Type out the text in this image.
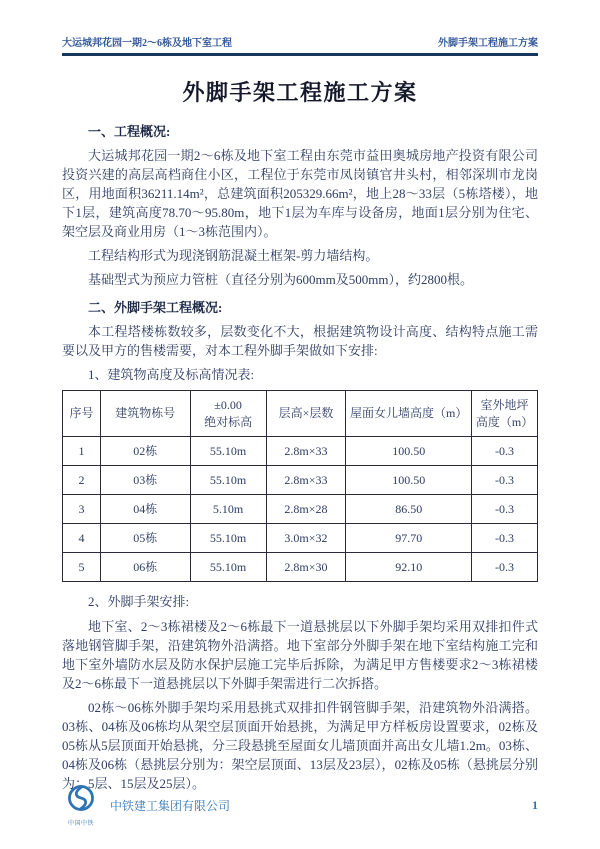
大运城邦花园一期2～6栋及地下室工程	外脚手架工程施工方案
外脚手架工程施工方案
一、工程概况:

大运城邦花园一期2～6栋及地下室工程由东莞市益田奥城房地产投资有限公司投资兴建的高层高档商住小区，工程位于东莞市凤岗镇官井头村，相邻深圳市龙岗区，用地面积36211.14m²，总建筑面积205329.66m²，地上28～33层（5栋塔楼），地下1层，建筑高度78.70～95.80m，地下1层为车库与设备房，地面1层分别为住宅、架空层及商业用房（1～3栋范围内）。

工程结构形式为现浇钢筋混凝土框架-剪力墙结构。

基础型式为预应力管桩（直径分别为600mm及500mm），约2800根。

二、外脚手架工程概况:

本工程塔楼栋数较多，层数变化不大，根据建筑物设计高度、结构特点施工需要以及甲方的售楼需要，对本工程外脚手架做如下安排:

1、建筑物高度及标高情况表:

序号	建筑物栋号	±0.00
绝对标高	层高×层数	屋面女儿墙高度（m）	室外地坪
高度（m）
1	02栋	55.10m	2.8m×33	100.50	-0.3
2	03栋	55.10m	2.8m×33	100.50	-0.3
3	04栋	5.10m	2.8m×28	86.50	-0.3
4	05栋	55.10m	3.0m×32	97.70	-0.3
5	06栋	55.10m	2.8m×30	92.10	-0.3

2、外脚手架安排:

地下室、2～3栋裙楼及2～6栋最下一道悬挑层以下外脚手架均采用双排扣件式落地钢管脚手架，沿建筑物外沿满搭。地下室部分外脚手架在地下室结构施工完和地下室外墙防水层及防水保护层施工完毕后拆除，为满足甲方售楼要求2～3栋裙楼及2～6栋最下一道悬挑层以下外脚手架需进行二次拆搭。

02栋～06栋外脚手架均采用悬挑式双排扣件钢管脚手架，沿建筑物外沿满搭。03栋、04栋及06栋均从架空层顶面开始悬挑，为满足甲方样板房设置要求，02栋及05栋从5层顶面开始悬挑，分三段悬挑至屋面女儿墙顶面并高出女儿墙1.2m。03栋、04栋及06栋（悬挑层分别为：架空层顶面、13层及23层），02栋及05栋（悬挑层分别为：5层、15层及25层）。

中国中铁
中铁建工集团有限公司	1
